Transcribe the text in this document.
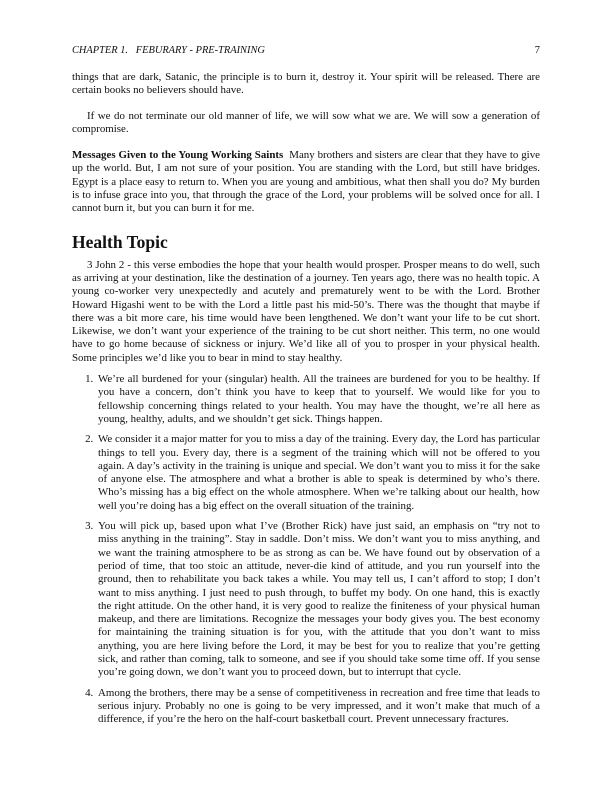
CHAPTER 1.   FEBURARY - PRE-TRAINING	7

things that are dark, Satanic, the principle is to burn it, destroy it. Your spirit will be released. There are certain books no believers should have.

If we do not terminate our old manner of life, we will sow what we are. We will sow a generation of compromise.

Messages Given to the Young Working Saints Many brothers and sisters are clear that they have to give up the world. But, I am not sure of your position. You are standing with the Lord, but still have bridges. Egypt is a place easy to return to. When you are young and ambitious, what then shall you do? My burden is to infuse grace into you, that through the grace of the Lord, your problems will be solved once for all. I cannot burn it, but you can burn it for me.

Health Topic

3 John 2 - this verse embodies the hope that your health would prosper. Prosper means to do well, such as arriving at your destination, like the destination of a journey. Ten years ago, there was no health topic. A young co-worker very unexpectedly and acutely and prematurely went to be with the Lord. Brother Howard Higashi went to be with the Lord a little past his mid-50’s. There was the thought that maybe if there was a bit more care, his time would have been lengthened. We don’t want your life to be cut short. Likewise, we don’t want your experience of the training to be cut short neither. This term, no one would have to go home because of sickness or injury. We’d like all of you to prosper in your physical health. Some principles we’d like you to bear in mind to stay healthy.

1. We’re all burdened for your (singular) health. All the trainees are burdened for you to be healthy. If you have a concern, don’t think you have to keep that to yourself. We would like for you to fellowship concerning things related to your health. You may have the thought, we’re all here as young, healthy, adults, and we shouldn’t get sick. Things happen.
2. We consider it a major matter for you to miss a day of the training. Every day, the Lord has particular things to tell you. Every day, there is a segment of the training which will not be offered to you again. A day’s activity in the training is unique and special. We don’t want you to miss it for the sake of anyone else. The atmosphere and what a brother is able to speak is determined by who’s there. Who’s missing has a big effect on the whole atmosphere. When we’re talking about our health, how well you’re doing has a big effect on the overall situation of the training.
3. You will pick up, based upon what I’ve (Brother Rick) have just said, an emphasis on “try not to miss anything in the training”. Stay in saddle. Don’t miss. We don’t want you to miss anything, and we want the training atmosphere to be as strong as can be. We have found out by observation of a period of time, that too stoic an attitude, never-die kind of attitude, and you run yourself into the ground, then to rehabilitate you back takes a while. You may tell us, I can’t afford to stop; I don’t want to miss anything. I just need to push through, to buffet my body. On one hand, this is exactly the right attitude. On the other hand, it is very good to realize the finiteness of your physical human makeup, and there are limitations. Recognize the messages your body gives you. The best economy for maintaining the training situation is for you, with the attitude that you don’t want to miss anything, you are here living before the Lord, it may be best for you to realize that you’re getting sick, and rather than coming, talk to someone, and see if you should take some time off. If you sense you’re going down, we don’t want you to proceed down, but to interrupt that cycle.
4. Among the brothers, there may be a sense of competitiveness in recreation and free time that leads to serious injury. Probably no one is going to be very impressed, and it won’t make that much of a difference, if you’re the hero on the half-court basketball court. Prevent unnecessary fractures.
